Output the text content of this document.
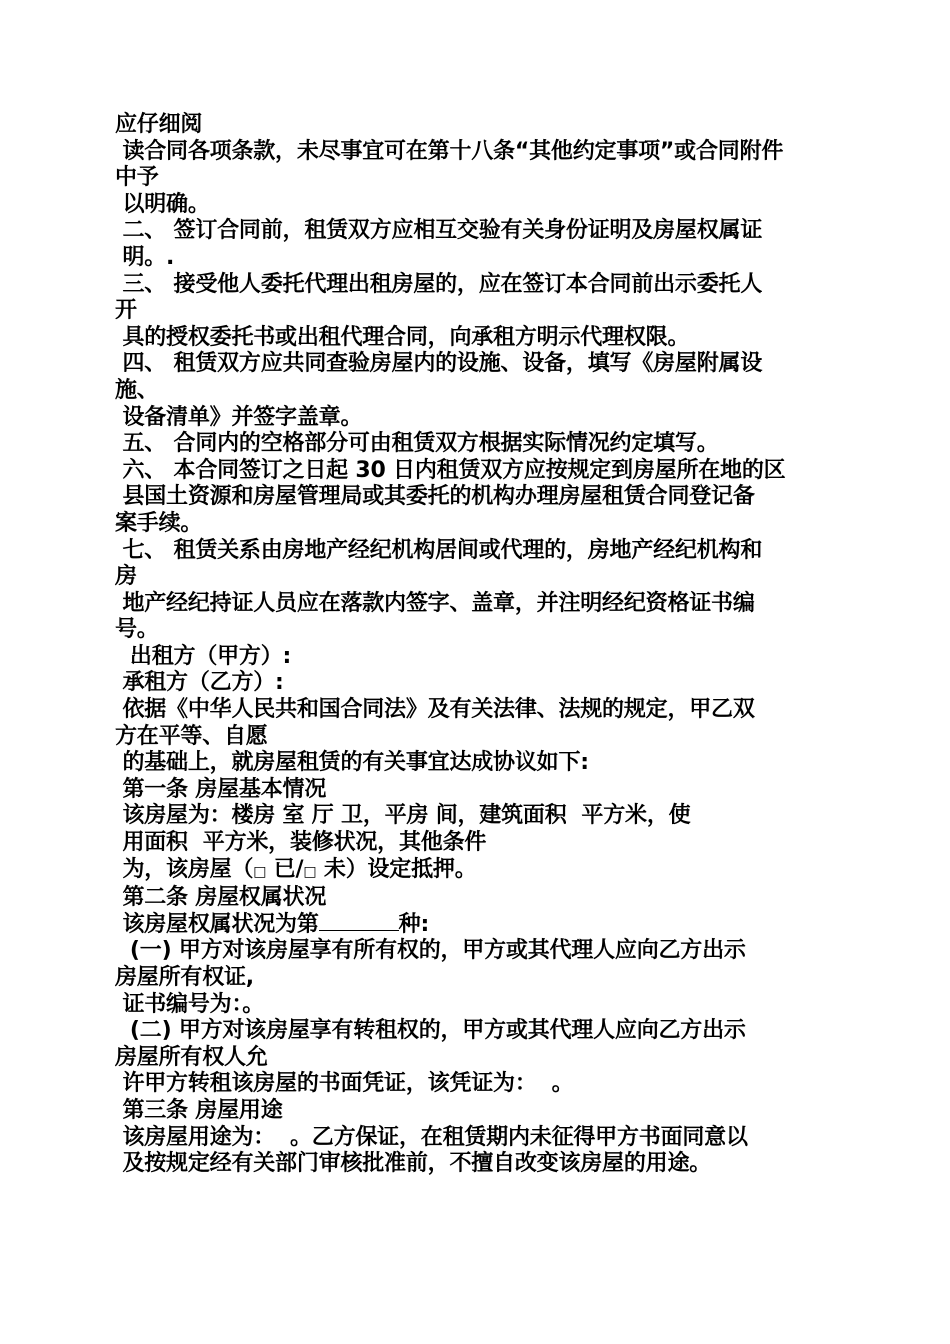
应仔细阅
读合同各项条款，未尽事宜可在第十八条“其他约定事项”或合同附件
中予
以明确。
二、 签订合同前，租赁双方应相互交验有关身份证明及房屋权属证
明。.
三、 接受他人委托代理出租房屋的，应在签订本合同前出示委托人
开
具的授权委托书或出租代理合同，向承租方明示代理权限。
四、 租赁双方应共同查验房屋内的设施、设备，填写《房屋附属设
施、
设备清单》并签字盖章。
五、 合同内的空格部分可由租赁双方根据实际情况约定填写。
六、 本合同签订之日起 30 日内租赁双方应按规定到房屋所在地的区
县国土资源和房屋管理局或其委托的机构办理房屋租赁合同登记备
案手续。
七、 租赁关系由房地产经纪机构居间或代理的，房地产经纪机构和
房
地产经纪持证人员应在落款内签字、盖章，并注明经纪资格证书编
号。
出租方（甲方）:
承租方（乙方）:
依据《中华人民共和国合同法》及有关法律、法规的规定，甲乙双
方在平等、自愿
的基础上，就房屋租赁的有关事宜达成协议如下:
第一条 房屋基本情况
该房屋为：楼房 室 厅 卫，平房 间，建筑面积  平方米，使
用面积  平方米，装修状况，其他条件
为，该房屋（□ 已/□ 未）设定抵押。
第二条 房屋权属状况
该房屋权属状况为第	种:
(一) 甲方对该房屋享有所有权的，甲方或其代理人应向乙方出示
房屋所有权证,
证书编号为：。
(二) 甲方对该房屋享有转租权的，甲方或其代理人应向乙方出示
房屋所有权人允
许甲方转租该房屋的书面凭证，该凭证为：  。
第三条 房屋用途
该房屋用途为：  。乙方保证，在租赁期内未征得甲方书面同意以
及按规定经有关部门审核批准前，不擅自改变该房屋的用途。
